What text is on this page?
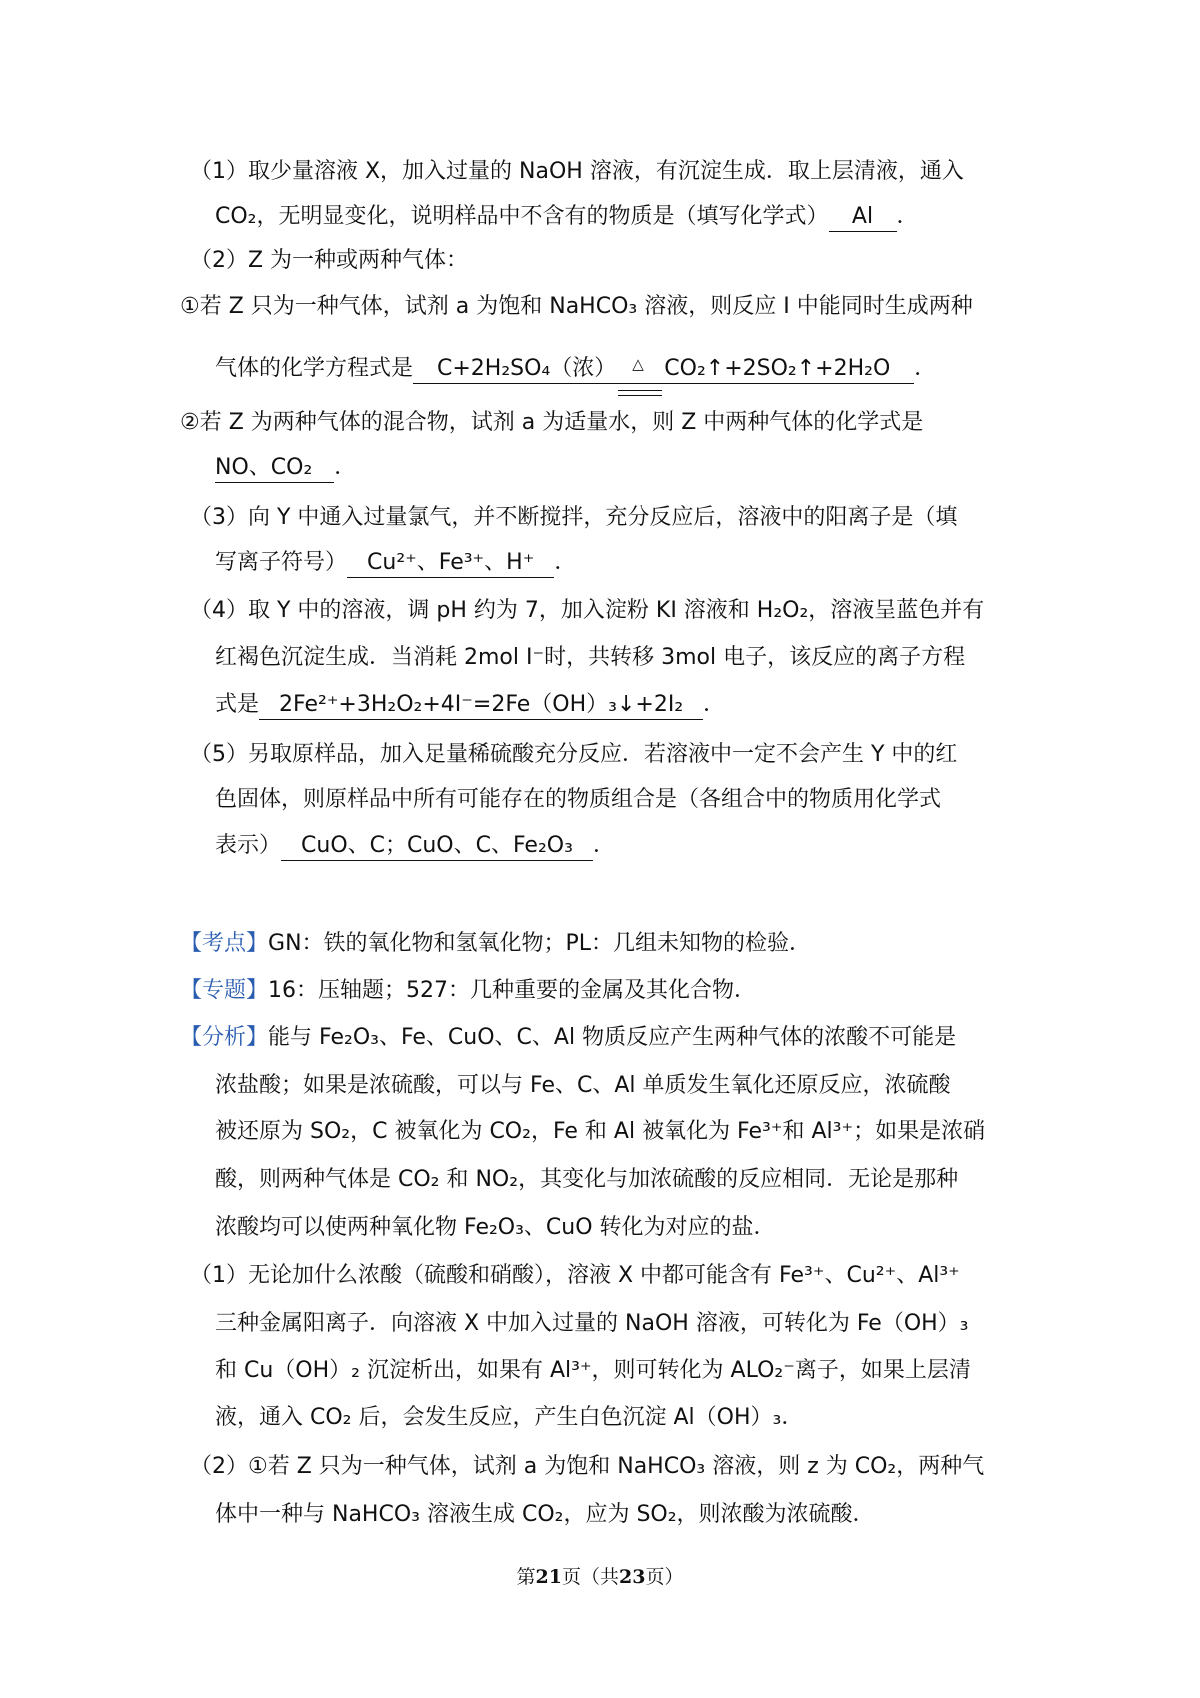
（1）取少量溶液 X，加入过量的 NaOH 溶液，有沉淀生成．取上层清液，通入
CO₂，无明显变化，说明样品中不含有的物质是（填写化学式） Al ．
（2）Z 为一种或两种气体：
①若 Z 只为一种气体，试剂 a 为饱和 NaHCO₃ 溶液，则反应 I 中能同时生成两种
气体的化学方程式是 C+2H₂SO₄（浓） △ CO₂↑+2SO₂↑+2H₂O ．
②若 Z 为两种气体的混合物，试剂 a 为适量水，则 Z 中两种气体的化学式是
NO、CO₂ ．
（3）向 Y 中通入过量氯气，并不断搅拌，充分反应后，溶液中的阳离子是（填
写离子符号） Cu²⁺、Fe³⁺、H⁺ ．
（4）取 Y 中的溶液，调 pH 约为 7，加入淀粉 KI 溶液和 H₂O₂，溶液呈蓝色并有
红褐色沉淀生成．当消耗 2mol I⁻时，共转移 3mol 电子，该反应的离子方程
式是 2Fe²⁺+3H₂O₂+4I⁻=2Fe（OH）₃↓+2I₂ ．
（5）另取原样品，加入足量稀硫酸充分反应．若溶液中一定不会产生 Y 中的红
色固体，则原样品中所有可能存在的物质组合是（各组合中的物质用化学式
表示） CuO、C；CuO、C、Fe₂O₃ ．
【考点】GN：铁的氧化物和氢氧化物；PL：几组未知物的检验．
【专题】16：压轴题；527：几种重要的金属及其化合物．
【分析】能与 Fe₂O₃、Fe、CuO、C、Al 物质反应产生两种气体的浓酸不可能是
浓盐酸；如果是浓硫酸，可以与 Fe、C、Al 单质发生氧化还原反应，浓硫酸
被还原为 SO₂，C 被氧化为 CO₂，Fe 和 Al 被氧化为 Fe³⁺和 Al³⁺；如果是浓硝
酸，则两种气体是 CO₂ 和 NO₂，其变化与加浓硫酸的反应相同．无论是那种
浓酸均可以使两种氧化物 Fe₂O₃、CuO 转化为对应的盐．
（1）无论加什么浓酸（硫酸和硝酸），溶液 X 中都可能含有 Fe³⁺、Cu²⁺、Al³⁺
三种金属阳离子．向溶液 X 中加入过量的 NaOH 溶液，可转化为 Fe（OH）₃
和 Cu（OH）₂ 沉淀析出，如果有 Al³⁺，则可转化为 ALO₂⁻离子，如果上层清
液，通入 CO₂ 后，会发生反应，产生白色沉淀 Al（OH）₃．
（2）①若 Z 只为一种气体，试剂 a 为饱和 NaHCO₃ 溶液，则 z 为 CO₂，两种气
体中一种与 NaHCO₃ 溶液生成 CO₂，应为 SO₂，则浓酸为浓硫酸．
第21页（共23页）
